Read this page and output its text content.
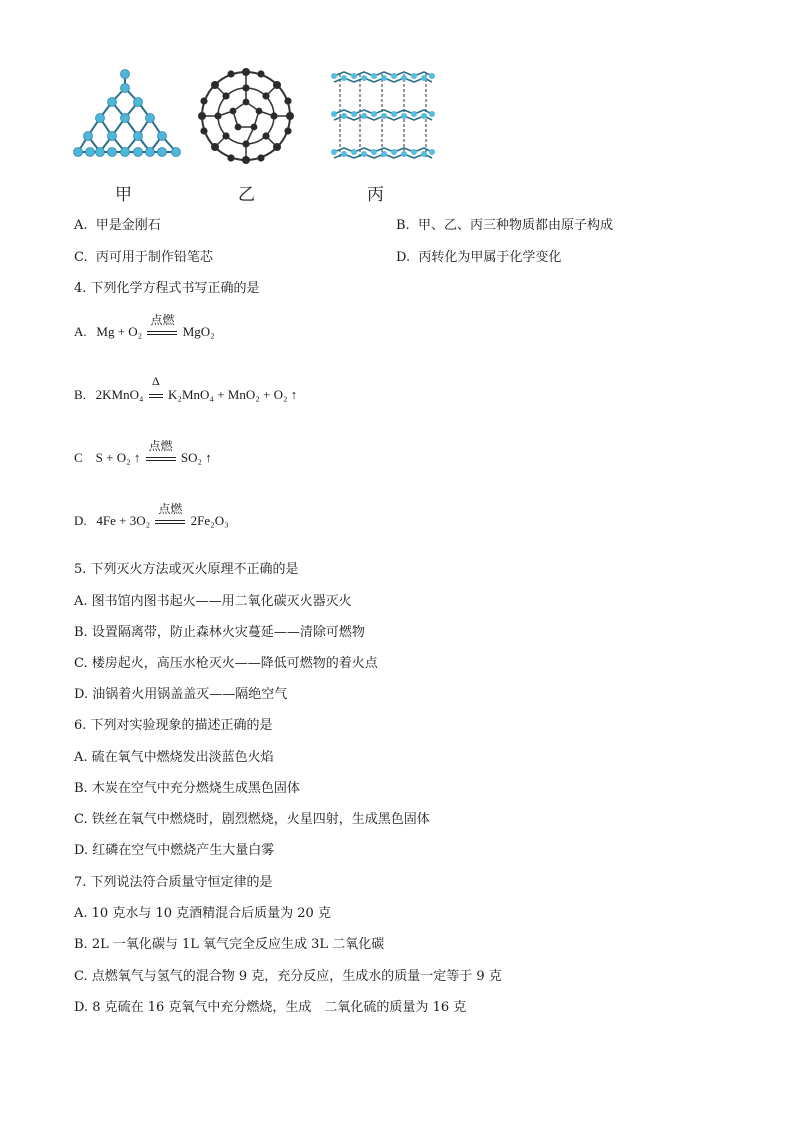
甲	乙	丙
A. 甲是金刚石	B. 甲、乙、丙三种物质都由原子构成
C. 丙可用于制作铅笔芯	D. 丙转化为甲属于化学变化
4. 下列化学方程式书写正确的是
A. Mg + O₂
点燃
MgO₂
B. 2KMnO₄
Δ
K₂MnO₄ + MnO₂ + O₂ ↑
C S + O₂ ↑
点燃
SO₂ ↑
D. 4Fe + 3O₂
点燃
2Fe₂O₃
5. 下列灭火方法或灭火原理不正确的是
A. 图书馆内图书起火——用二氧化碳灭火器灭火
B. 设置隔离带，防止森林火灾蔓延——清除可燃物
C. 楼房起火，高压水枪灭火——降低可燃物的着火点
D. 油锅着火用锅盖盖灭——隔绝空气
6. 下列对实验现象的描述正确的是
A. 硫在氧气中燃烧发出淡蓝色火焰
B. 木炭在空气中充分燃烧生成黑色固体
C. 铁丝在氧气中燃烧时，剧烈燃烧，火星四射，生成黑色固体
D. 红磷在空气中燃烧产生大量白雾
7. 下列说法符合质量守恒定律的是
A. 10 克水与 10 克酒精混合后质量为 20 克
B. 2L 一氧化碳与 1L 氧气完全反应生成 3L 二氧化碳
C. 点燃氧气与氢气的混合物 9 克，充分反应，生成水的质量一定等于 9 克
D. 8 克硫在 16 克氧气中充分燃烧，生成　二氧化硫的质量为 16 克
